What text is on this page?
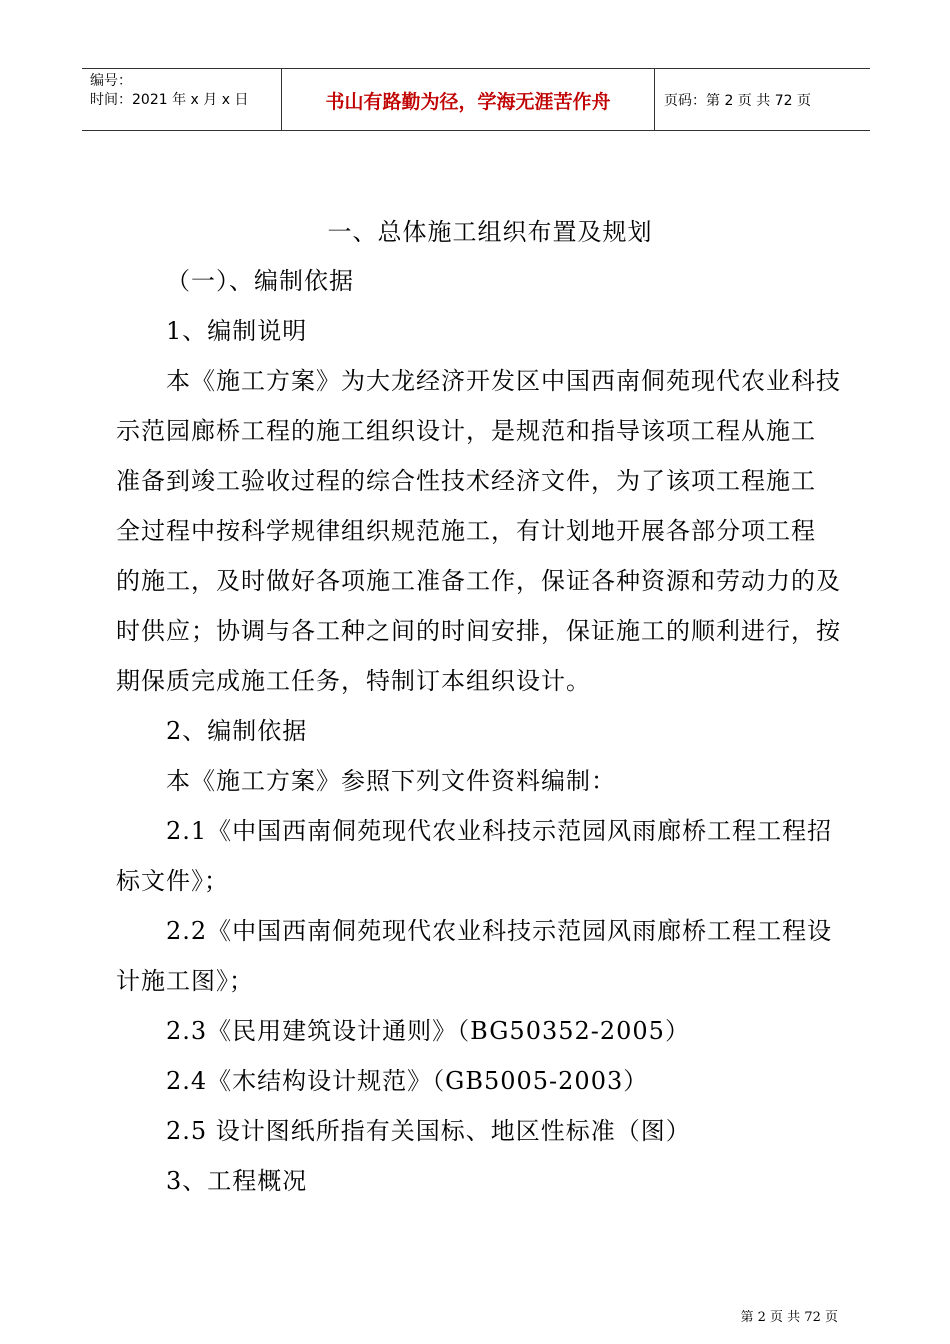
编号：
时间：2021 年 x 月 x 日	书山有路勤为径，学海无涯苦作舟	页码：第 2 页 共 72 页
一、总体施工组织布置及规划
（一）、编制依据
1、编制说明
本《施工方案》为大龙经济开发区中国西南侗苑现代农业科技
示范园廊桥工程的施工组织设计，是规范和指导该项工程从施工
准备到竣工验收过程的综合性技术经济文件，为了该项工程施工
全过程中按科学规律组织规范施工，有计划地开展各部分项工程
的施工，及时做好各项施工准备工作，保证各种资源和劳动力的及
时供应；协调与各工种之间的时间安排，保证施工的顺利进行，按
期保质完成施工任务，特制订本组织设计。
2、编制依据
本《施工方案》参照下列文件资料编制：
2.1《中国西南侗苑现代农业科技示范园风雨廊桥工程工程招
标文件》；
2.2《中国西南侗苑现代农业科技示范园风雨廊桥工程工程设
计施工图》；
2.3《民用建筑设计通则》（BG50352-2005）
2.4《木结构设计规范》（GB5005-2003）
2.5 设计图纸所指有关国标、地区性标准（图）
3、工程概况
第 2 页 共 72 页
